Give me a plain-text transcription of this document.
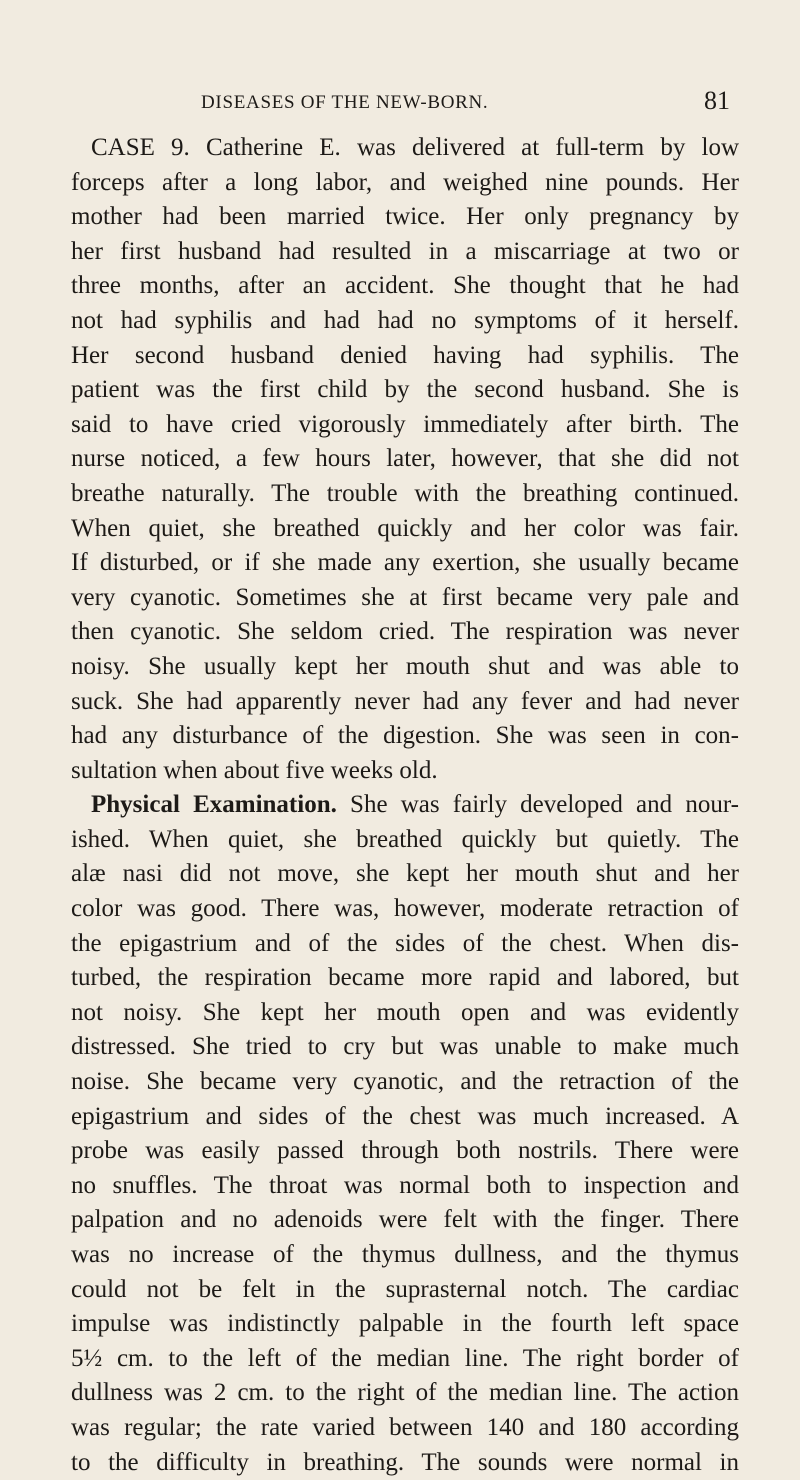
DISEASES OF THE NEW-BORN.	81
CASE 9. Catherine E. was delivered at full-term by low
forceps after a long labor, and weighed nine pounds. Her
mother had been married twice. Her only pregnancy by
her first husband had resulted in a miscarriage at two or
three months, after an accident. She thought that he had
not had syphilis and had had no symptoms of it herself.
Her second husband denied having had syphilis. The
patient was the first child by the second husband. She is
said to have cried vigorously immediately after birth. The
nurse noticed, a few hours later, however, that she did not
breathe naturally. The trouble with the breathing continued.
When quiet, she breathed quickly and her color was fair.
If disturbed, or if she made any exertion, she usually became
very cyanotic. Sometimes she at first became very pale and
then cyanotic. She seldom cried. The respiration was never
noisy. She usually kept her mouth shut and was able to
suck. She had apparently never had any fever and had never
had any disturbance of the digestion. She was seen in con-
sultation when about five weeks old.
Physical Examination. She was fairly developed and nour-
ished. When quiet, she breathed quickly but quietly. The
alæ nasi did not move, she kept her mouth shut and her
color was good. There was, however, moderate retraction of
the epigastrium and of the sides of the chest. When dis-
turbed, the respiration became more rapid and labored, but
not noisy. She kept her mouth open and was evidently
distressed. She tried to cry but was unable to make much
noise. She became very cyanotic, and the retraction of the
epigastrium and sides of the chest was much increased. A
probe was easily passed through both nostrils. There were
no snuffles. The throat was normal both to inspection and
palpation and no adenoids were felt with the finger. There
was no increase of the thymus dullness, and the thymus
could not be felt in the suprasternal notch. The cardiac
impulse was indistinctly palpable in the fourth left space
5½ cm. to the left of the median line. The right border of
dullness was 2 cm. to the right of the median line. The action
was regular; the rate varied between 140 and 180 according
to the difficulty in breathing. The sounds were normal in
